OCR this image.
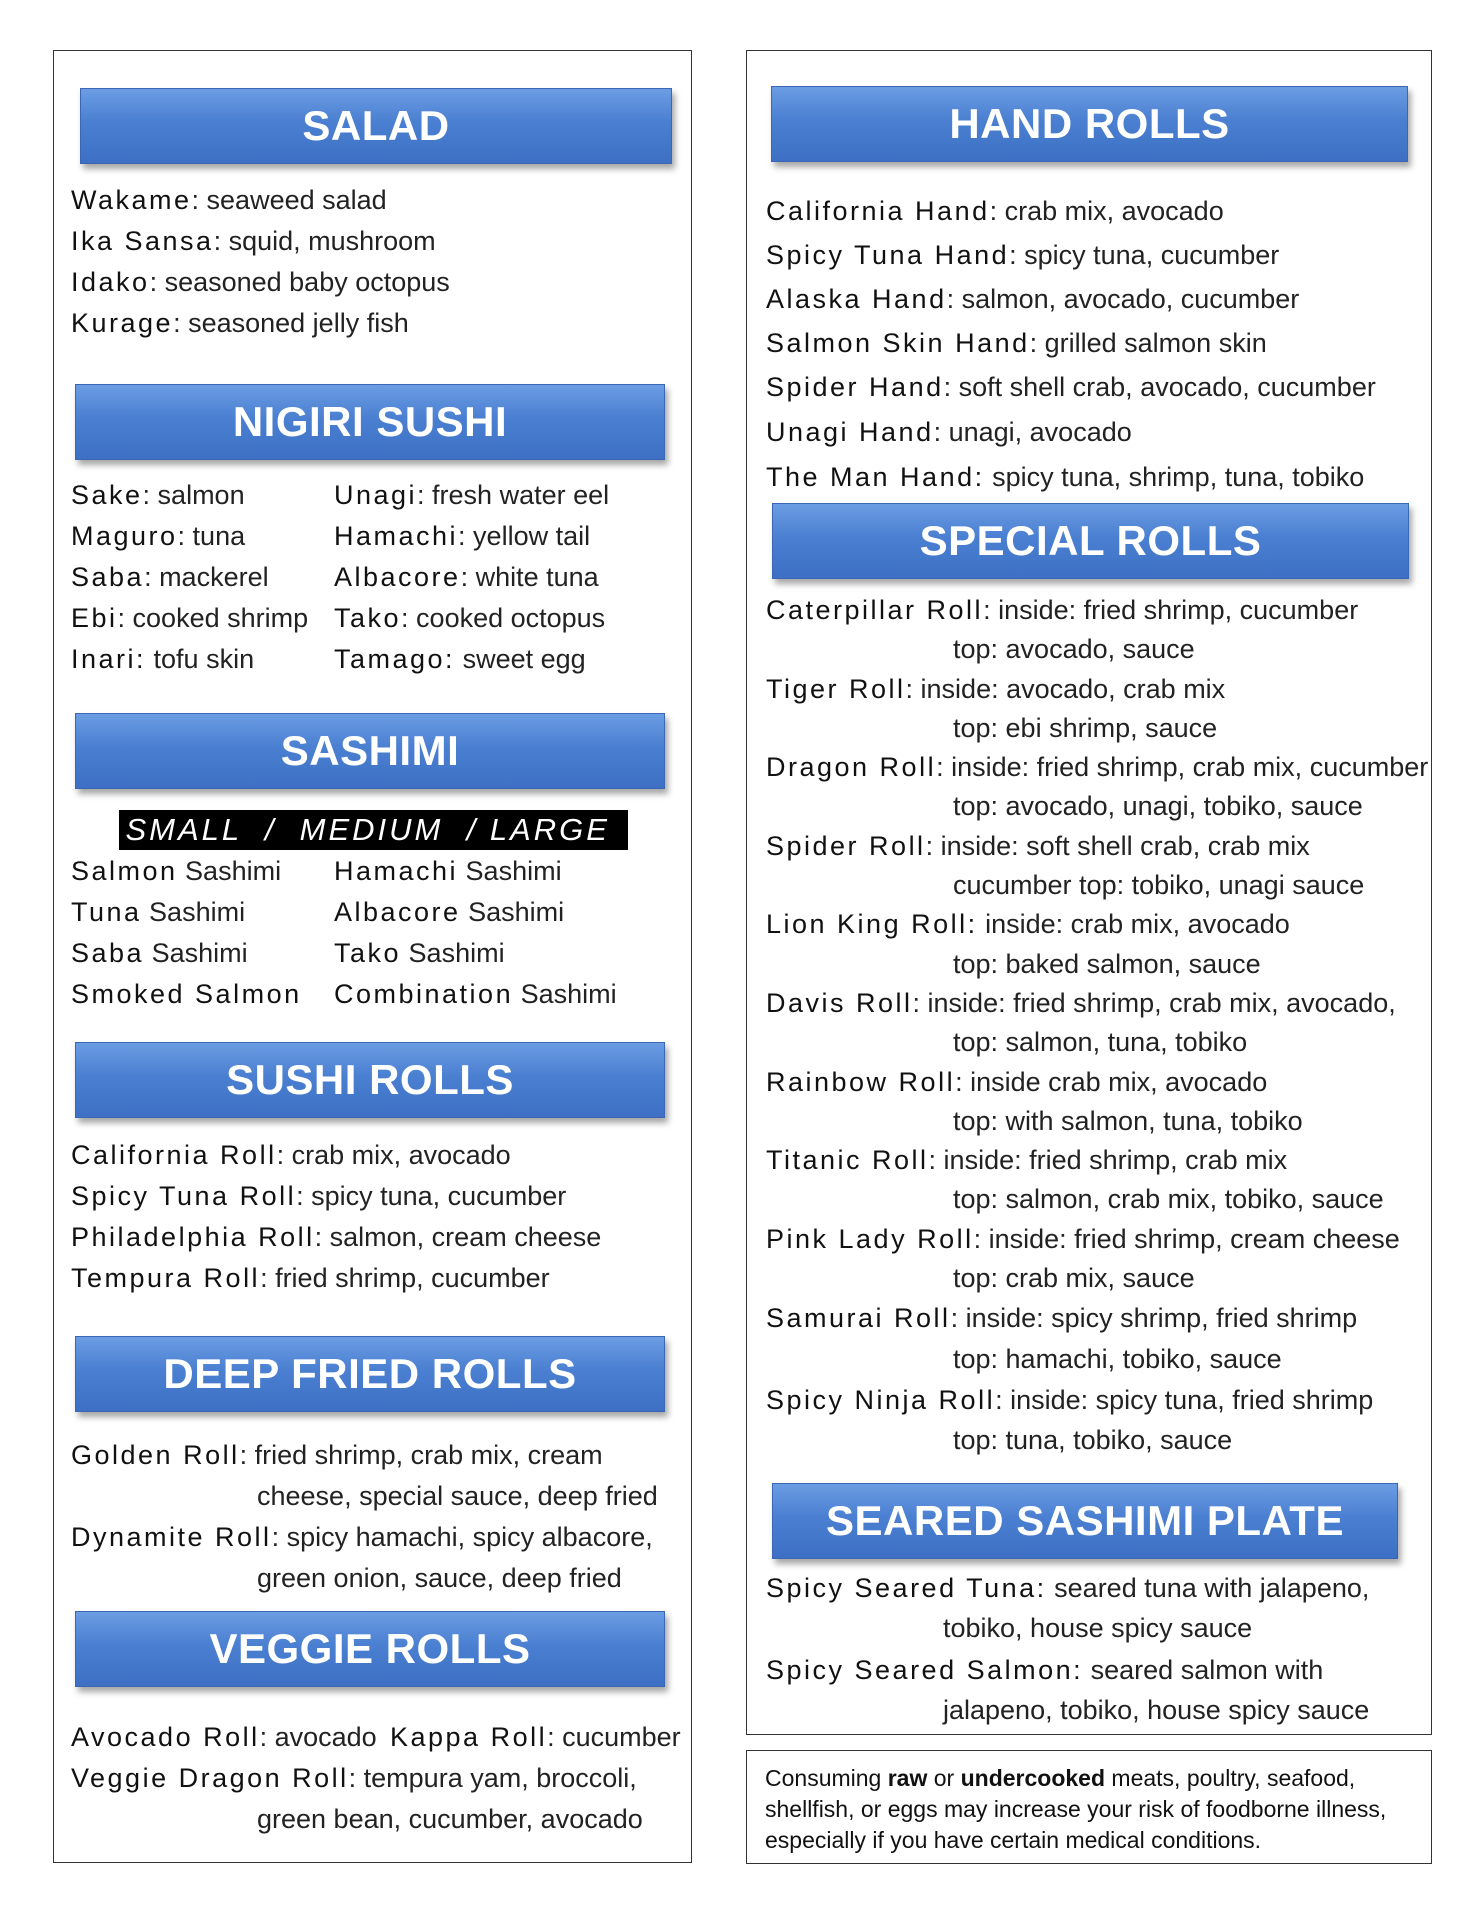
SALAD
Wakame: seaweed salad
Ika Sansa: squid, mushroom
Idako: seasoned baby octopus
Kurage: seasoned jelly fish
NIGIRI SUSHI
Sake: salmon
Maguro: tuna
Saba: mackerel
Ebi: cooked shrimp
Inari: tofu skin
Unagi: fresh water eel
Hamachi: yellow tail
Albacore: white tuna
Tako: cooked octopus
Tamago: sweet egg
SASHIMI
. SMALL  /  MEDIUM  / LARGE  .
Salmon Sashimi
Tuna Sashimi
Saba Sashimi
Smoked Salmon
Hamachi Sashimi
Albacore Sashimi
Tako Sashimi
Combination Sashimi
SUSHI ROLLS
California Roll: crab mix, avocado
Spicy Tuna Roll: spicy tuna, cucumber
Philadelphia Roll: salmon, cream cheese
Tempura Roll: fried shrimp, cucumber
DEEP FRIED ROLLS
Golden Roll: fried shrimp, crab mix, cream
cheese, special sauce, deep fried
Dynamite Roll: spicy hamachi, spicy albacore,
green onion, sauce, deep fried
VEGGIE ROLLS
Avocado Roll: avocado Kappa Roll: cucumber
Veggie Dragon Roll: tempura yam, broccoli,
green bean, cucumber, avocado
HAND ROLLS
California Hand: crab mix, avocado
Spicy Tuna Hand: spicy tuna, cucumber
Alaska Hand: salmon, avocado, cucumber
Salmon Skin Hand: grilled salmon skin
Spider Hand: soft shell crab, avocado, cucumber
Unagi Hand: unagi, avocado
The Man Hand: spicy tuna, shrimp, tuna, tobiko
SPECIAL ROLLS
Caterpillar Roll: inside: fried shrimp, cucumber
top: avocado, sauce
Tiger Roll: inside: avocado, crab mix
top: ebi shrimp, sauce
Dragon Roll: inside: fried shrimp, crab mix, cucumber
top: avocado, unagi, tobiko, sauce
Spider Roll: inside: soft shell crab, crab mix
cucumber top: tobiko, unagi sauce
Lion King Roll: inside: crab mix, avocado
top: baked salmon, sauce
Davis Roll: inside: fried shrimp, crab mix, avocado,
top: salmon, tuna, tobiko
Rainbow Roll: inside crab mix, avocado
top: with salmon, tuna, tobiko
Titanic Roll: inside: fried shrimp, crab mix
top: salmon, crab mix, tobiko, sauce
Pink Lady Roll: inside: fried shrimp, cream cheese
top: crab mix, sauce
Samurai Roll: inside: spicy shrimp, fried shrimp
top: hamachi, tobiko, sauce
Spicy Ninja Roll: inside: spicy tuna, fried shrimp
top: tuna, tobiko, sauce
SEARED SASHIMI PLATE
Spicy Seared Tuna: seared tuna with jalapeno,
tobiko, house spicy sauce
Spicy Seared Salmon: seared salmon with
jalapeno, tobiko, house spicy sauce
Consuming raw or undercooked meats, poultry, seafood, shellfish, or eggs may increase your risk of foodborne illness, especially if you have certain medical conditions.
